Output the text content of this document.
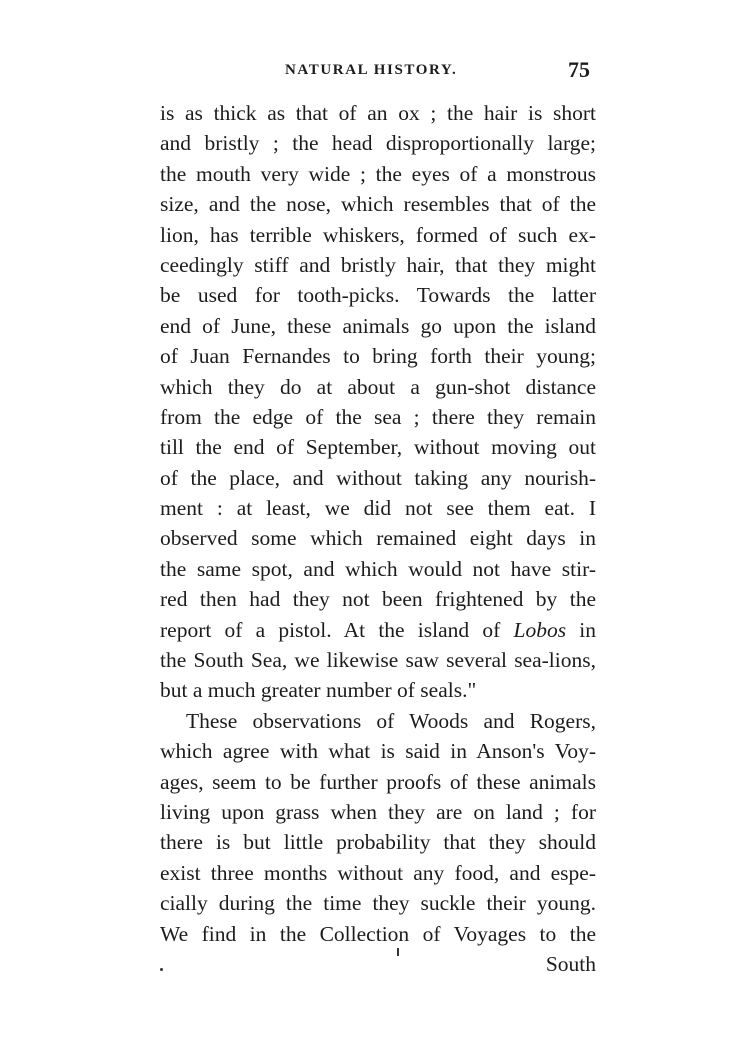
NATURAL HISTORY.	75
is as thick as that of an ox ; the hair is short
and bristly ; the head disproportionally large;
the mouth very wide ; the eyes of a monstrous
size, and the nose, which resembles that of the
lion, has terrible whiskers, formed of such ex-
ceedingly stiff and bristly hair, that they might
be used for tooth-picks. Towards the latter
end of June, these animals go upon the island
of Juan Fernandes to bring forth their young;
which they do at about a gun-shot distance
from the edge of the sea ; there they remain
till the end of September, without moving out
of the place, and without taking any nourish-
ment : at least, we did not see them eat. I
observed some which remained eight days in
the same spot, and which would not have stir-
red then had they not been frightened by the
report of a pistol. At the island of Lobos in
the South Sea, we likewise saw several sea-lions,
but a much greater number of seals."
These observations of Woods and Rogers,
which agree with what is said in Anson's Voy-
ages, seem to be further proofs of these animals
living upon grass when they are on land ; for
there is but little probability that they should
exist three months without any food, and espe-
cially during the time they suckle their young.
We find in the Collection of Voyages to the
South
